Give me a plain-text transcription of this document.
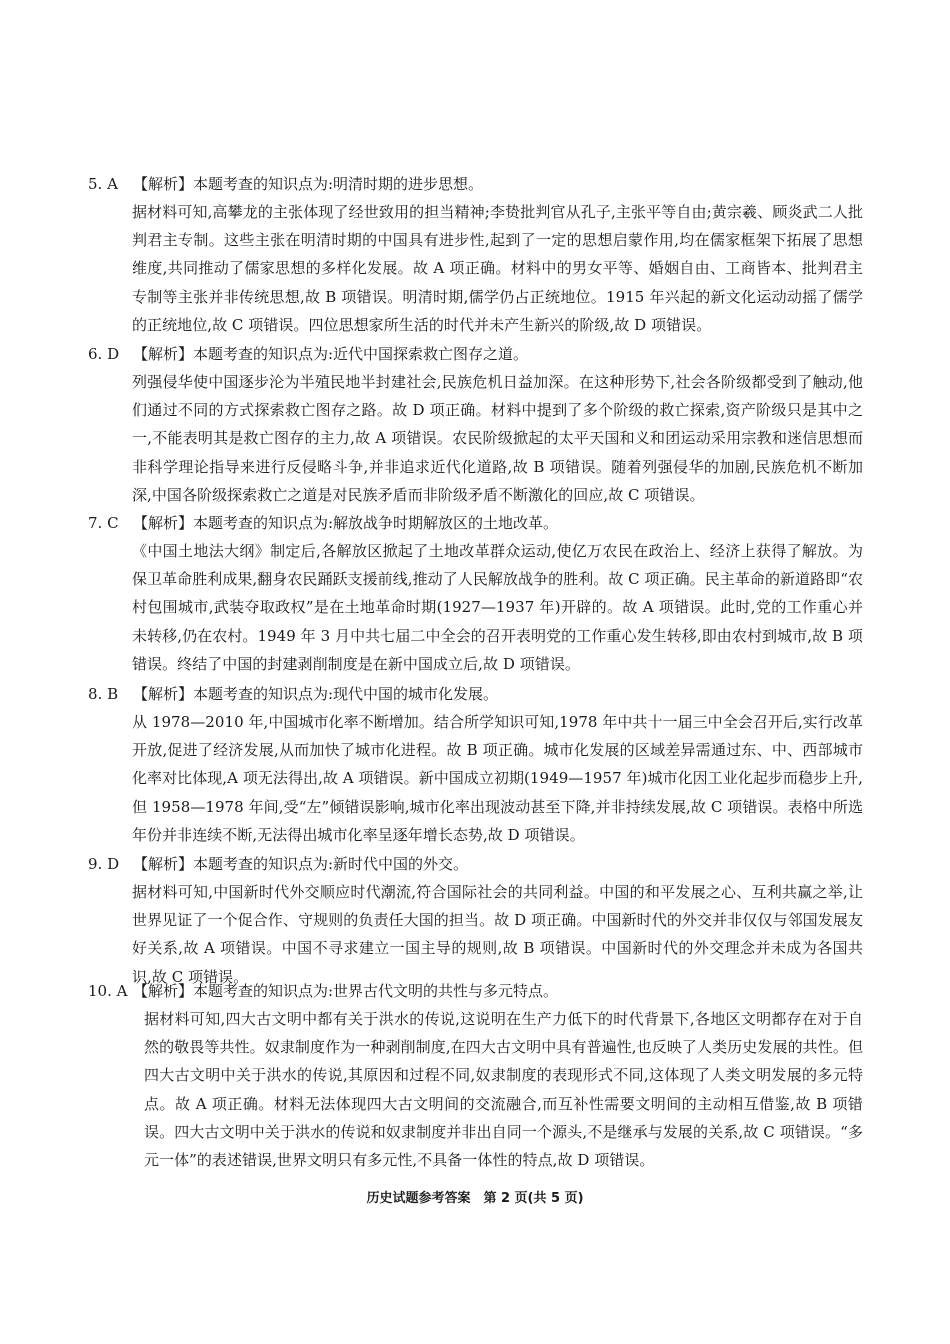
5. A 【解析】本题考查的知识点为:明清时期的进步思想。
据材料可知,高攀龙的主张体现了经世致用的担当精神;李贽批判官从孔子,主张平等自由;黄宗羲、顾炎武二人批判君主专制。这些主张在明清时期的中国具有进步性,起到了一定的思想启蒙作用,均在儒家框架下拓展了思想维度,共同推动了儒家思想的多样化发展。故 A 项正确。材料中的男女平等、婚姻自由、工商皆本、批判君主专制等主张并非传统思想,故 B 项错误。明清时期,儒学仍占正统地位。1915 年兴起的新文化运动动摇了儒学的正统地位,故 C 项错误。四位思想家所生活的时代并未产生新兴的阶级,故 D 项错误。
6. D 【解析】本题考查的知识点为:近代中国探索救亡图存之道。
列强侵华使中国逐步沦为半殖民地半封建社会,民族危机日益加深。在这种形势下,社会各阶级都受到了触动,他们通过不同的方式探索救亡图存之路。故 D 项正确。材料中提到了多个阶级的救亡探索,资产阶级只是其中之一,不能表明其是救亡图存的主力,故 A 项错误。农民阶级掀起的太平天国和义和团运动采用宗教和迷信思想而非科学理论指导来进行反侵略斗争,并非追求近代化道路,故 B 项错误。随着列强侵华的加剧,民族危机不断加深,中国各阶级探索救亡之道是对民族矛盾而非阶级矛盾不断激化的回应,故 C 项错误。
7. C 【解析】本题考查的知识点为:解放战争时期解放区的土地改革。
《中国土地法大纲》制定后,各解放区掀起了土地改革群众运动,使亿万农民在政治上、经济上获得了解放。为保卫革命胜利成果,翻身农民踊跃支援前线,推动了人民解放战争的胜利。故 C 项正确。民主革命的新道路即“农村包围城市,武装夺取政权”是在土地革命时期(1927—1937 年)开辟的。故 A 项错误。此时,党的工作重心并未转移,仍在农村。1949 年 3 月中共七届二中全会的召开表明党的工作重心发生转移,即由农村到城市,故 B 项错误。终结了中国的封建剥削制度是在新中国成立后,故 D 项错误。
8. B 【解析】本题考查的知识点为:现代中国的城市化发展。
从 1978—2010 年,中国城市化率不断增加。结合所学知识可知,1978 年中共十一届三中全会召开后,实行改革开放,促进了经济发展,从而加快了城市化进程。故 B 项正确。城市化发展的区域差异需通过东、中、西部城市化率对比体现,A 项无法得出,故 A 项错误。新中国成立初期(1949—1957 年)城市化因工业化起步而稳步上升,但 1958—1978 年间,受“左”倾错误影响,城市化率出现波动甚至下降,并非持续发展,故 C 项错误。表格中所选年份并非连续不断,无法得出城市化率呈逐年增长态势,故 D 项错误。
9. D 【解析】本题考查的知识点为:新时代中国的外交。
据材料可知,中国新时代外交顺应时代潮流,符合国际社会的共同利益。中国的和平发展之心、互利共赢之举,让世界见证了一个促合作、守规则的负责任大国的担当。故 D 项正确。中国新时代的外交并非仅仅与邻国发展友好关系,故 A 项错误。中国不寻求建立一国主导的规则,故 B 项错误。中国新时代的外交理念并未成为各国共识,故 C 项错误。
10. A 【解析】本题考查的知识点为:世界古代文明的共性与多元特点。
据材料可知,四大古文明中都有关于洪水的传说,这说明在生产力低下的时代背景下,各地区文明都存在对于自然的敬畏等共性。奴隶制度作为一种剥削制度,在四大古文明中具有普遍性,也反映了人类历史发展的共性。但四大古文明中关于洪水的传说,其原因和过程不同,奴隶制度的表现形式不同,这体现了人类文明发展的多元特点。故 A 项正确。材料无法体现四大古文明间的交流融合,而互补性需要文明间的主动相互借鉴,故 B 项错误。四大古文明中关于洪水的传说和奴隶制度并非出自同一个源头,不是继承与发展的关系,故 C 项错误。“多元一体”的表述错误,世界文明只有多元性,不具备一体性的特点,故 D 项错误。
历史试题参考答案　第 2 页(共 5 页)
